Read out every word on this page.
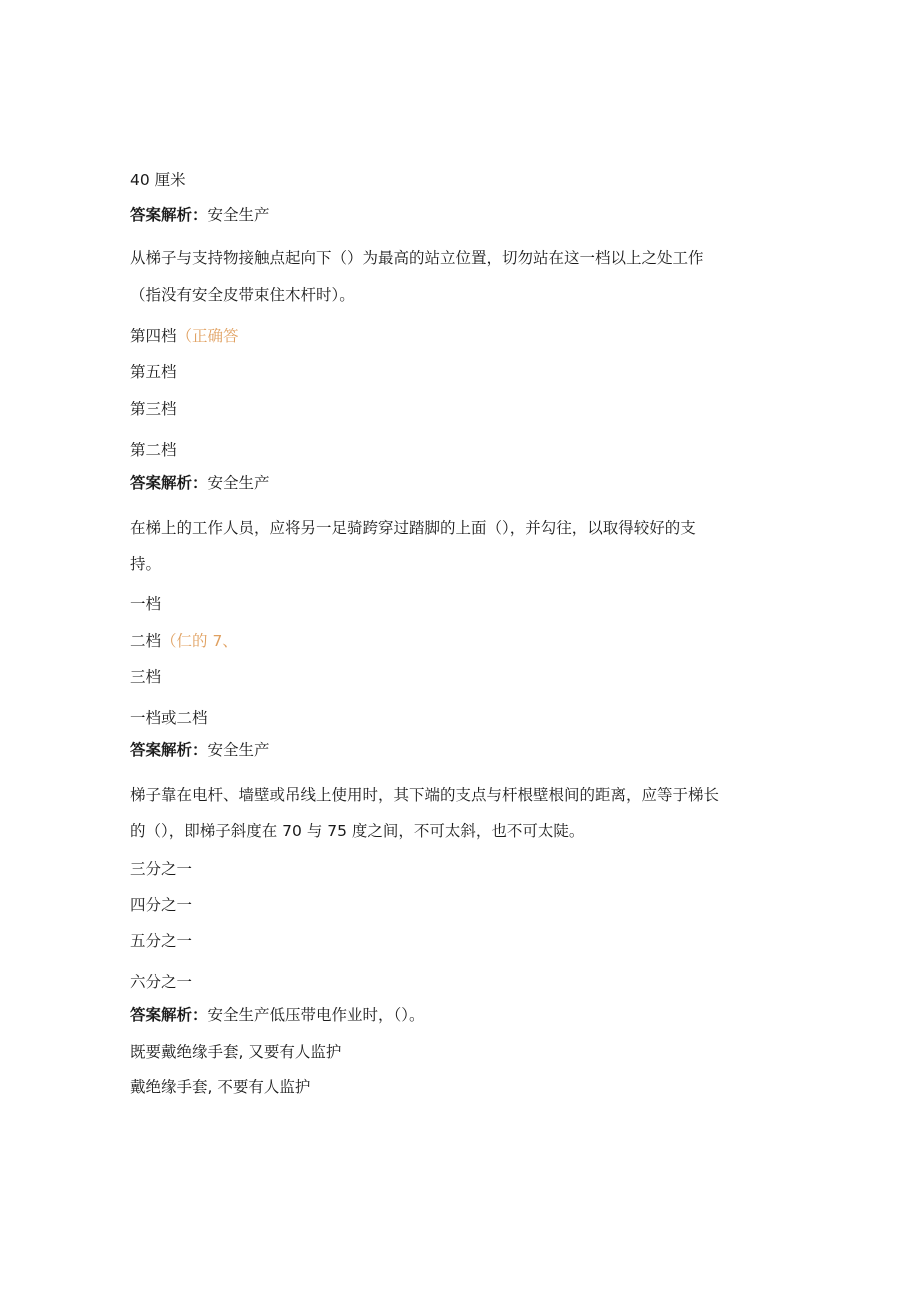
40 厘米
答案解析：安全生产
从梯子与支持物接触点起向下（）为最高的站立位置，切勿站在这一档以上之处工作
（指没有安全皮带束住木杆时）。
第四档（正确答
第五档
第三档
第二档
答案解析：安全生产
在梯上的工作人员，应将另一足骑跨穿过踏脚的上面（），并勾往，以取得较好的支
持。
一档
二档（仁的 7、
三档
一档或二档
答案解析：安全生产
梯子靠在电杆、墙壁或吊线上使用时，其下端的支点与杆根壁根间的距离，应等于梯长
的（），即梯子斜度在 70 与 75 度之间，不可太斜，也不可太陡。
三分之一
四分之一
五分之一
六分之一
答案解析：安全生产低压带电作业时，（）。
既要戴绝缘手套, 又要有人监护
戴绝缘手套, 不要有人监护
